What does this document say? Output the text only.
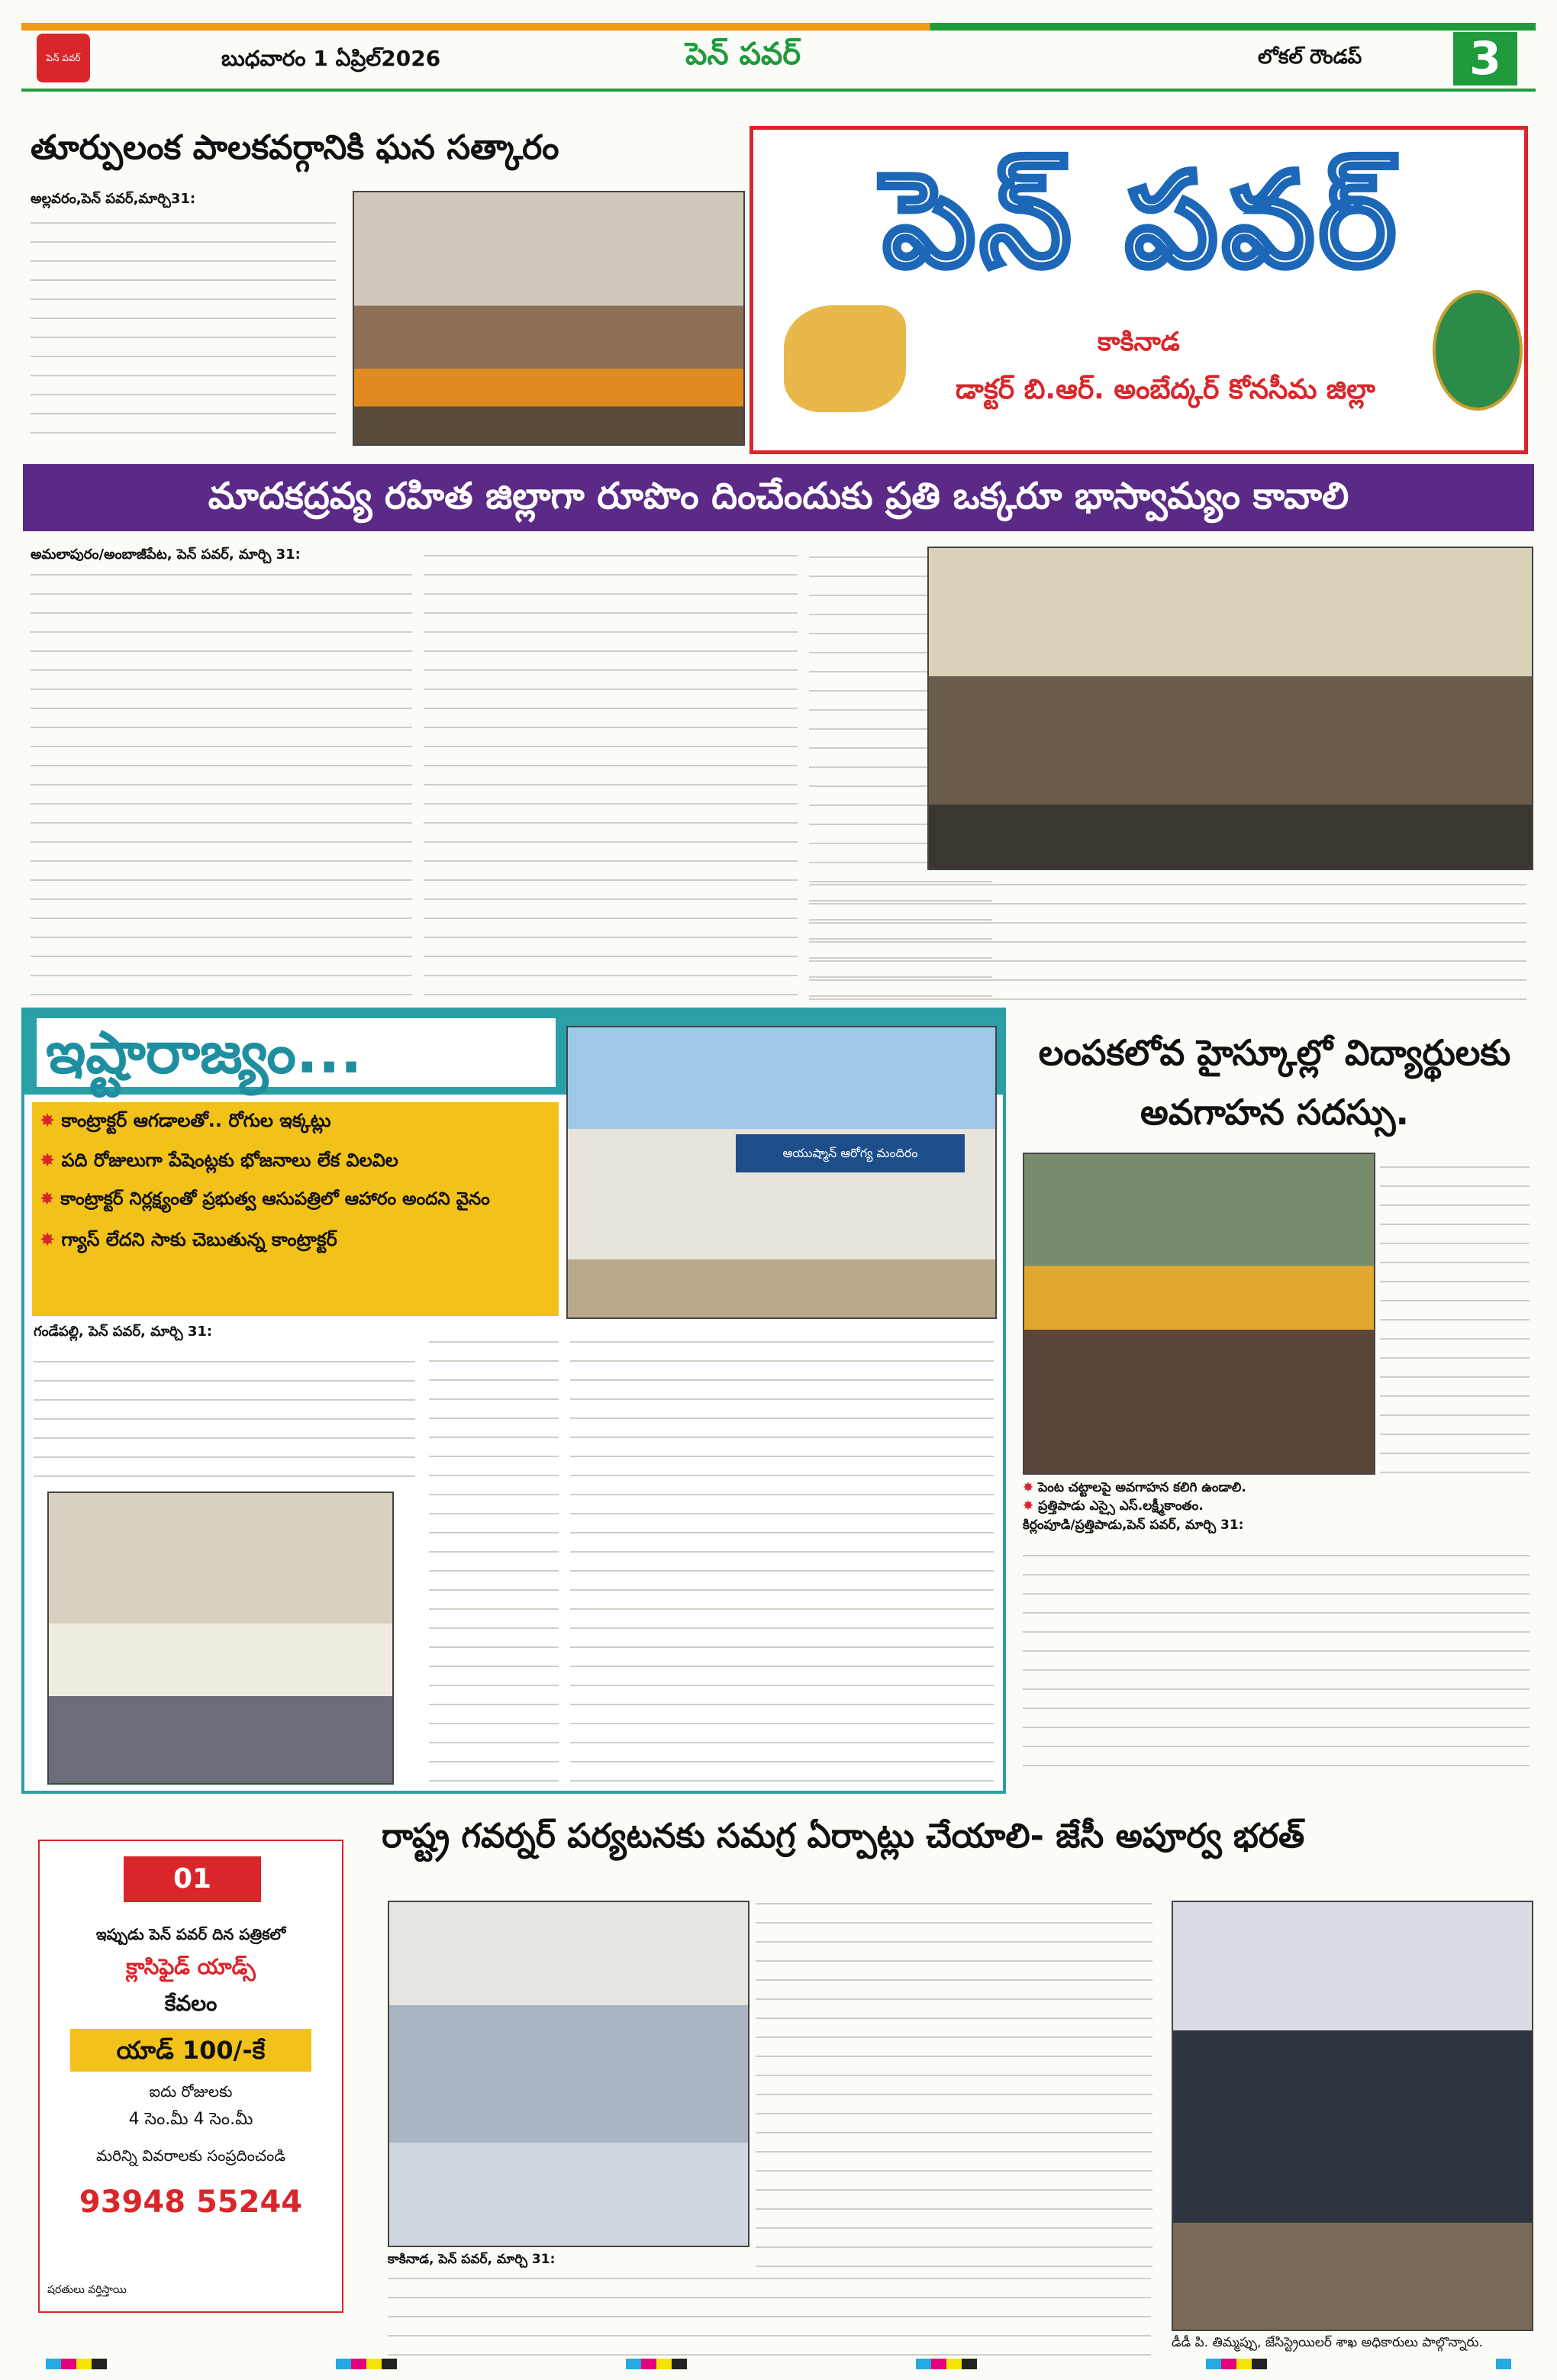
పెన్ పవర్	బుధవారం 1 ఏప్రిల్2026	పెన్ పవర్	లోకల్ రౌండప్	3
తూర్పులంక పాలకవర్గానికి ఘన సత్కారం
అల్లవరం,పెన్ పవర్,మార్చి31:	పెన్ పవర్
కాకినాడ
డాక్టర్ బి.ఆర్. అంబేద్కర్ కోనసీమ జిల్లా
మాదకద్రవ్య రహిత జిల్లాగా రూపొం దించేందుకు ప్రతి ఒక్కరూ భాస్వామ్యం కావాలి
అమలాపురం/అంబాజీపేట, పెన్ పవర్, మార్చి 31:
ఇష్టారాజ్యం...
✸ కాంట్రాక్టర్ ఆగడాలతో.. రోగుల ఇక్కట్లు
✸ పది రోజులుగా పేషెంట్లకు భోజనాలు లేక విలవిల
✸ కాంట్రాక్టర్ నిర్లక్ష్యంతో ప్రభుత్వ ఆసుపత్రిలో ఆహారం అందని వైనం
✸ గ్యాస్ లేదని సాకు చెబుతున్న కాంట్రాక్టర్
ఆయుష్మాన్ ఆరోగ్య మందిరం
గండేపల్లి, పెన్ పవర్, మార్చి 31:
లంపకలోవ హైస్కూల్లో విద్యార్థులకు అవగాహన సదస్సు.
✸ పెంట చట్టాలపై అవగాహన కలిగి ఉండాలి.
✸ ప్రత్తిపాడు ఎస్సై ఎస్.లక్ష్మీకాంతం.
కిర్లంపూడి/ప్రత్తిపాడు,పెన్ పవర్, మార్చి 31:
రాష్ట్ర గవర్నర్ పర్యటనకు సమగ్ర ఏర్పాట్లు చేయాలి- జేసీ అపూర్వ భరత్
కాకినాడ, పెన్ పవర్, మార్చి 31:
డీడీ పి. తిమ్మప్పు, జేసిస్ట్రెయిలర్ శాఖ అధికారులు పాల్గొన్నారు.
01
ఇప్పుడు పెన్ పవర్ దిన పత్రికలో
క్లాసిఫైడ్ యాడ్స్
కేవలం
యాడ్ 100/-కే
ఐదు రోజులకు
4 సెం.మీ 4 సెం.మీ
మరిన్ని వివరాలకు సంప్రదించండి
93948 55244
షరతులు వర్తిస్తాయి
